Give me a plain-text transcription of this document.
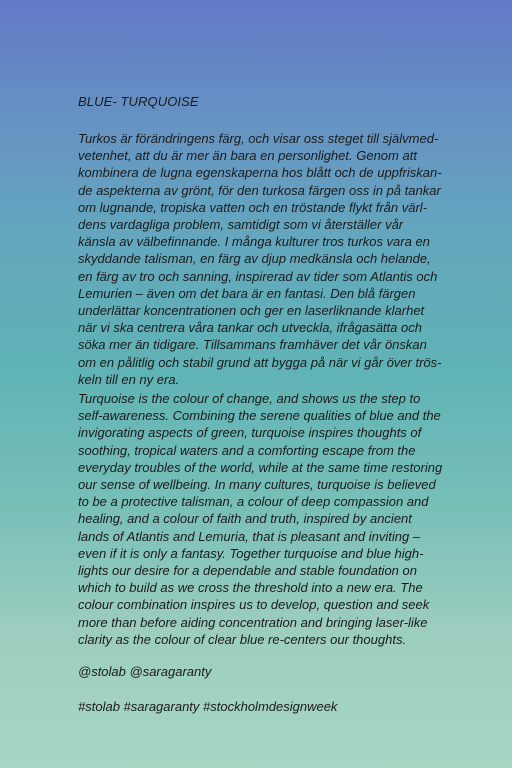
BLUE- TURQUOISE
Turkos är förändringens färg, och visar oss steget till självmed-
vetenhet, att du är mer än bara en personlighet. Genom att
kombinera de lugna egenskaperna hos blått och de uppfriskan-
de aspekterna av grönt, för den turkosa färgen oss in på tankar
om lugnande, tropiska vatten och en tröstande flykt från värl-
dens vardagliga problem, samtidigt som vi återställer vår
känsla av välbefinnande. I många kulturer tros turkos vara en
skyddande talisman, en färg av djup medkänsla och helande,
en färg av tro och sanning, inspirerad av tider som Atlantis och
Lemurien – även om det bara är en fantasi. Den blå färgen
underlättar koncentrationen och ger en laserliknande klarhet
när vi ska centrera våra tankar och utveckla, ifrågasätta och
söka mer än tidigare. Tillsammans framhäver det vår önskan
om en pålitlig och stabil grund att bygga på när vi går över trös-
keln till en ny era.
Turquoise is the colour of change, and shows us the step to
self-awareness. Combining the serene qualities of blue and the
invigorating aspects of green, turquoise inspires thoughts of
soothing, tropical waters and a comforting escape from the
everyday troubles of the world, while at the same time restoring
our sense of wellbeing. In many cultures, turquoise is believed
to be a protective talisman, a colour of deep compassion and
healing, and a colour of faith and truth, inspired by ancient
lands of Atlantis and Lemuria, that is pleasant and inviting –
even if it is only a fantasy. Together turquoise and blue high-
lights our desire for a dependable and stable foundation on
which to build as we cross the threshold into a new era. The
colour combination inspires us to develop, question and seek
more than before aiding concentration and bringing laser-like
clarity as the colour of clear blue re-centers our thoughts.
@stolab @saragaranty
#stolab #saragaranty #stockholmdesignweek
